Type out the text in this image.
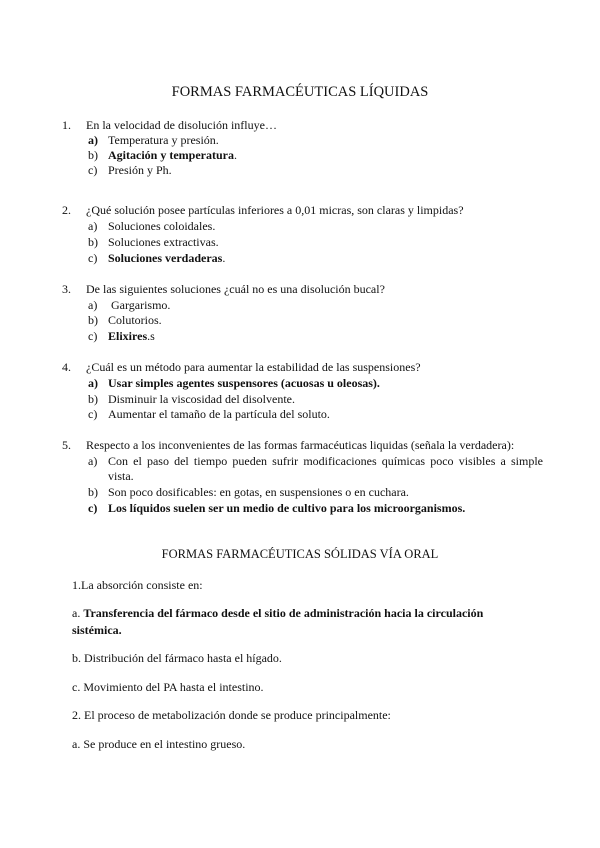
FORMAS FARMACÉUTICAS LÍQUIDAS
1. En la velocidad de disolución influye…
a) Temperatura y presión.
b) Agitación y temperatura.
c) Presión y Ph.
2. ¿Qué solución posee partículas inferiores a 0,01 micras, son claras y limpidas?
a) Soluciones coloidales.
b) Soluciones extractivas.
c) Soluciones verdaderas.
3. De las siguientes soluciones ¿cuál no es una disolución bucal?
a)	Gargarismo.
b) Colutorios.
c) Elixires.s
4. ¿Cuál es un método para aumentar la estabilidad de las suspensiones?
a) Usar simples agentes suspensores (acuosas u oleosas).
b) Disminuir la viscosidad del disolvente.
c) Aumentar el tamaño de la partícula del soluto.
5. Respecto a los inconvenientes de las formas farmacéuticas liquidas (señala la verdadera):
a) Con el paso del tiempo pueden sufrir modificaciones químicas poco visibles a simple vista.
b) Son poco dosificables: en gotas, en suspensiones o en cuchara.
c) Los líquidos suelen ser un medio de cultivo para los microorganismos.
FORMAS FARMACÉUTICAS SÓLIDAS VÍA ORAL
1.La absorción consiste en:
a. Transferencia del fármaco desde el sitio de administración hacia la circulación sistémica.
b. Distribución del fármaco hasta el hígado.
c. Movimiento del PA hasta el intestino.
2. El proceso de metabolización donde se produce principalmente:
a. Se produce en el intestino grueso.
